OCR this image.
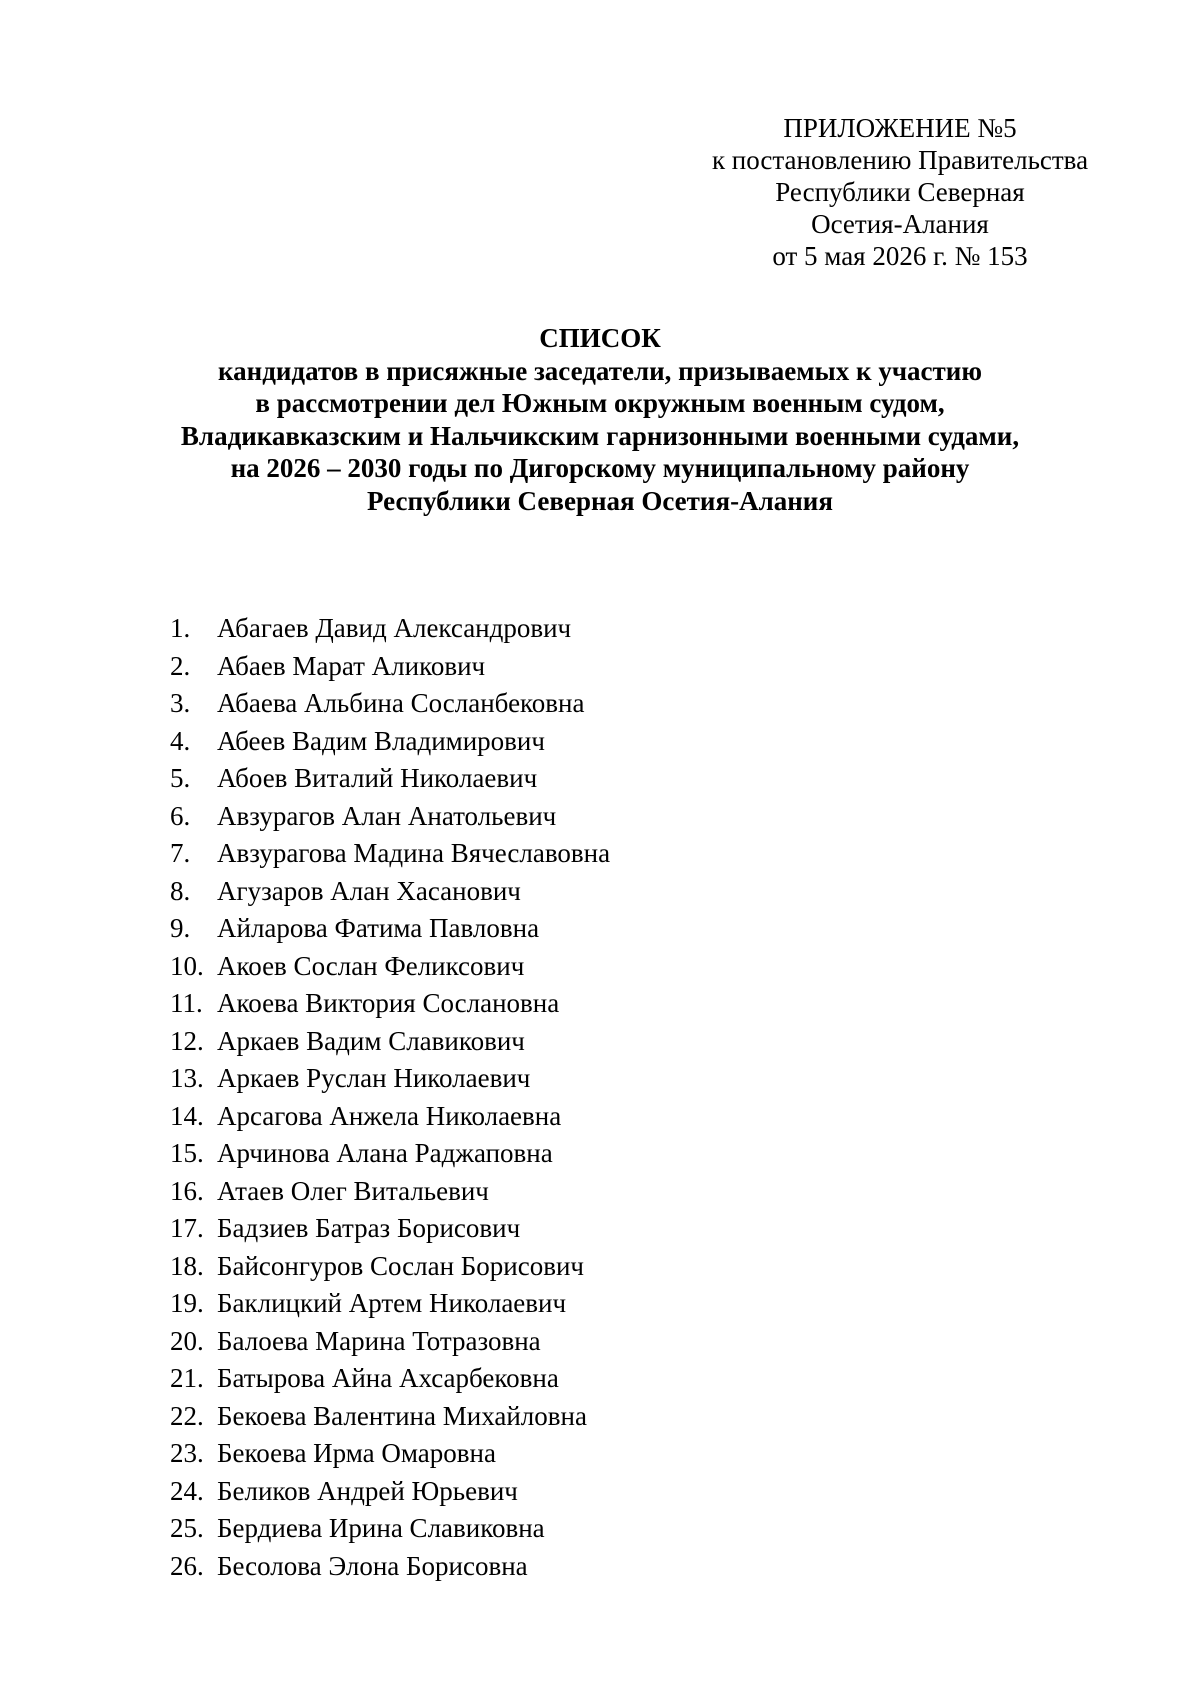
ПРИЛОЖЕНИЕ №5
к постановлению Правительства
Республики Северная
Осетия-Алания
от 5 мая 2026 г. № 153
СПИСОК
кандидатов в присяжные заседатели, призываемых к участию
в рассмотрении дел Южным окружным военным судом,
Владикавказским и Нальчикским гарнизонными военными судами,
на 2026 – 2030 годы по Дигорскому муниципальному району
Республики Северная Осетия-Алания
1. Абагаев Давид Александрович
2. Абаев Марат Аликович
3. Абаева Альбина Сосланбековна
4. Абеев Вадим Владимирович
5. Абоев Виталий Николаевич
6. Авзурагов Алан Анатольевич
7. Авзурагова Мадина Вячеславовна
8. Агузаров Алан Хасанович
9. Айларова Фатима Павловна
10. Акоев Сослан Феликсович
11. Акоева Виктория Сослановна
12. Аркаев Вадим Славикович
13. Аркаев Руслан Николаевич
14. Арсагова Анжела Николаевна
15. Арчинова Алана Раджаповна
16. Атаев Олег Витальевич
17. Бадзиев Батраз Борисович
18. Байсонгуров Сослан Борисович
19. Баклицкий Артем Николаевич
20. Балоева Марина Тотразовна
21. Батырова Айна Ахсарбековна
22. Бекоева Валентина Михайловна
23. Бекоева Ирма Омаровна
24. Беликов Андрей Юрьевич
25. Бердиева Ирина Славиковна
26. Бесолова Элона Борисовна
